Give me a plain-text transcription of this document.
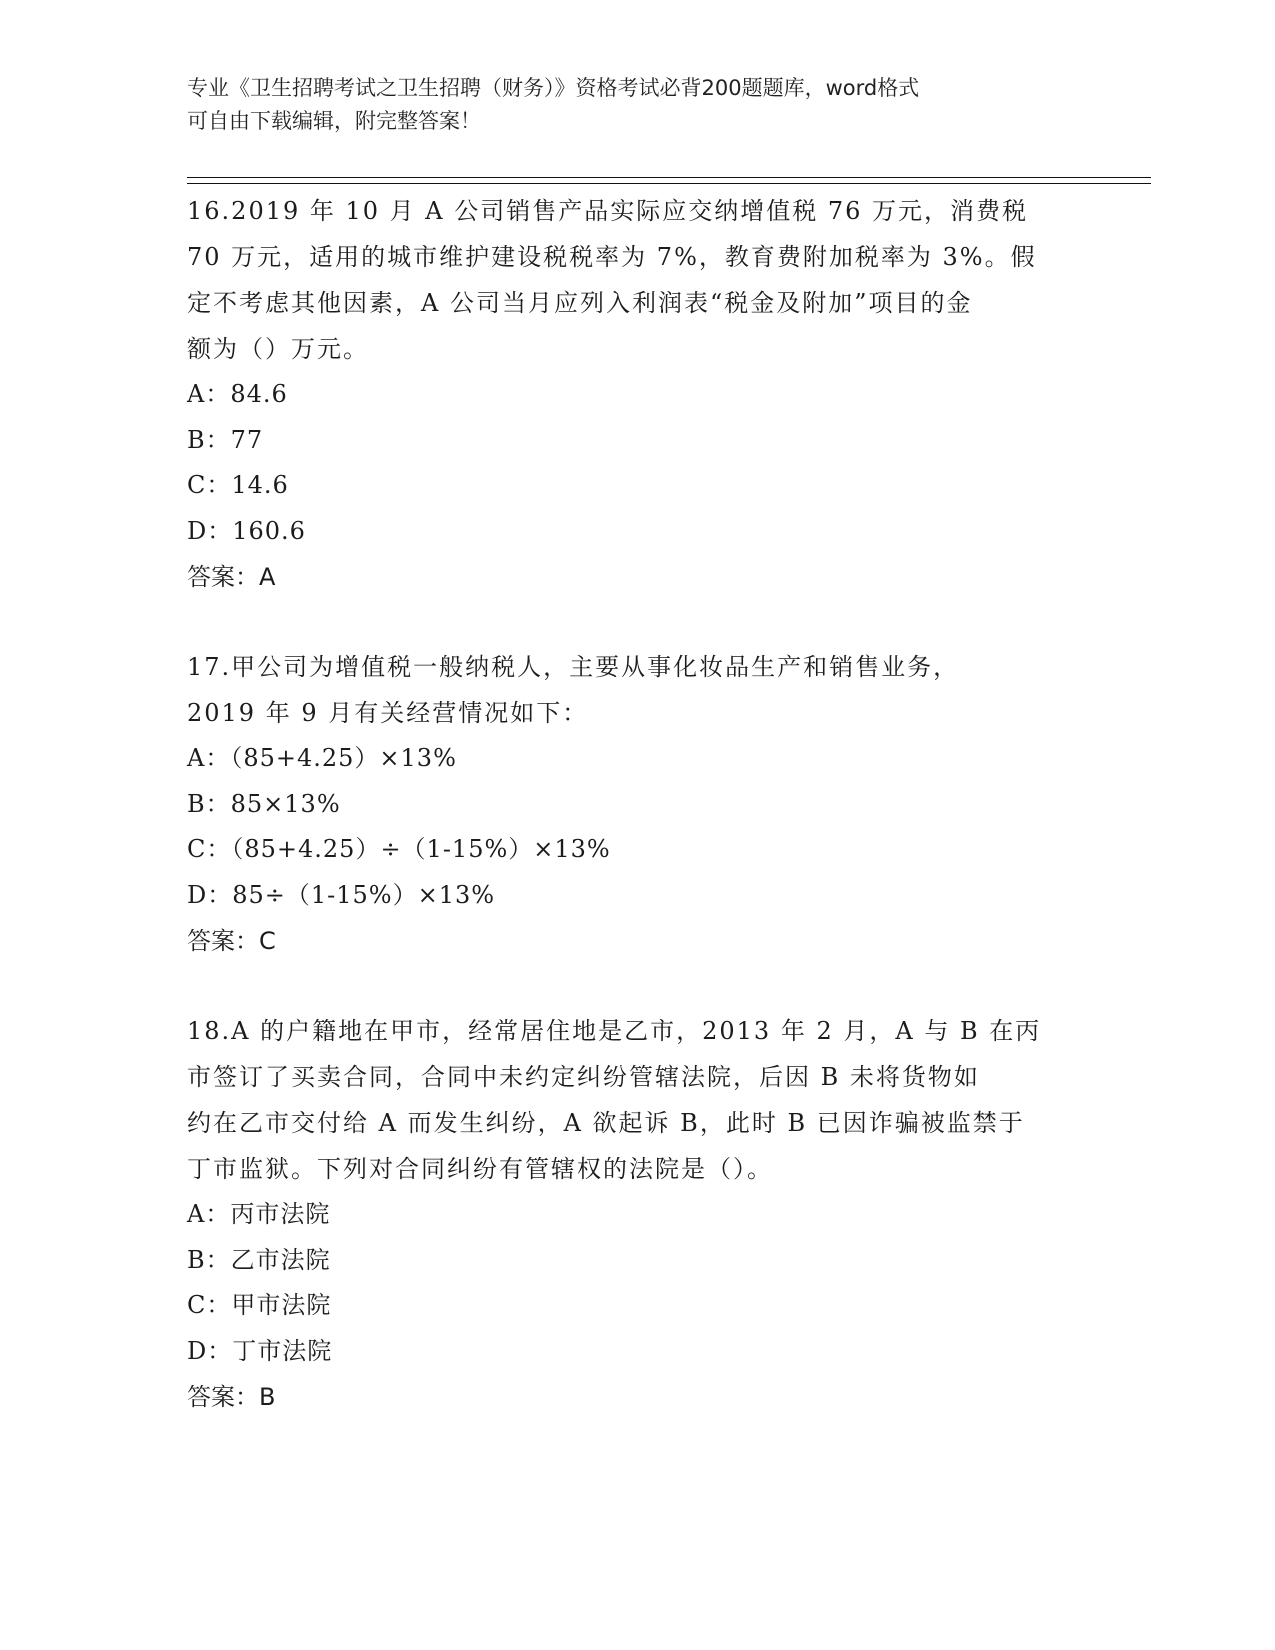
专业《卫生招聘考试之卫生招聘（财务）》资格考试必背200题题库，word格式
可自由下载编辑，附完整答案！
16.2019 年 10 月 A 公司销售产品实际应交纳增值税 76 万元，消费税
70 万元，适用的城市维护建设税税率为 7%，教育费附加税率为 3%。假
定不考虑其他因素，A 公司当月应列入利润表“税金及附加”项目的金
额为（）万元。
A：84.6
B：77
C：14.6
D：160.6
答案：A
17.甲公司为增值税一般纳税人，主要从事化妆品生产和销售业务，
2019 年 9 月有关经营情况如下：
A：（85+4.25）×13%
B：85×13%
C：（85+4.25）÷（1-15%）×13%
D：85÷（1-15%）×13%
答案：C
18.A 的户籍地在甲市，经常居住地是乙市，2013 年 2 月，A 与 B 在丙
市签订了买卖合同，合同中未约定纠纷管辖法院，后因 B 未将货物如
约在乙市交付给 A 而发生纠纷，A 欲起诉 B，此时 B 已因诈骗被监禁于
丁市监狱。下列对合同纠纷有管辖权的法院是（）。
A：丙市法院
B：乙市法院
C：甲市法院
D：丁市法院
答案：B
